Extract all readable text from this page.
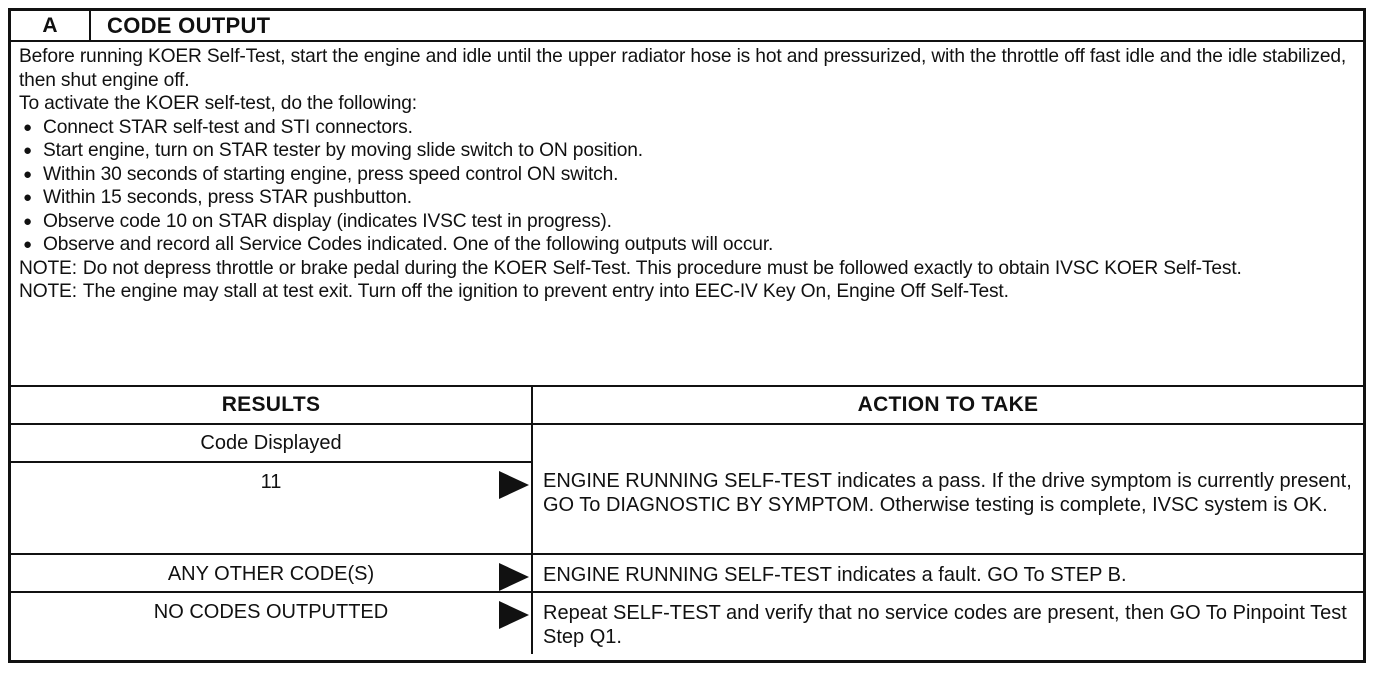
A	CODE OUTPUT

Before running KOER Self-Test, start the engine and idle until the upper radiator hose is hot and pressurized, with the throttle off fast idle and the idle stabilized, then shut engine off.

To activate the KOER self-test, do the following:

● Connect STAR self-test and STI connectors.
● Start engine, turn on STAR tester by moving slide switch to ON position.
● Within 30 seconds of starting engine, press speed control ON switch.
● Within 15 seconds, press STAR pushbutton.
● Observe code 10 on STAR display (indicates IVSC test in progress).
● Observe and record all Service Codes indicated. One of the following outputs will occur.
NOTE: Do not depress throttle or brake pedal during the KOER Self-Test. This procedure must be followed exactly to obtain IVSC KOER Self-Test.
NOTE: The engine may stall at test exit. Turn off the ignition to prevent entry into EEC-IV Key On, Engine Off Self-Test.
RESULTS	ACTION TO TAKE
Code Displayed	ENGINE RUNNING SELF-TEST indicates a pass. If the drive symptom is currently present, GO To DIAGNOSTIC BY SYMPTOM. Otherwise testing is complete, IVSC system is OK.

11	

ANY OTHER CODE(S)	ENGINE RUNNING SELF-TEST indicates a fault. GO To STEP B.

NO CODES OUTPUTTED	Repeat SELF-TEST and verify that no service codes are present, then GO To Pinpoint Test Step Q1.
